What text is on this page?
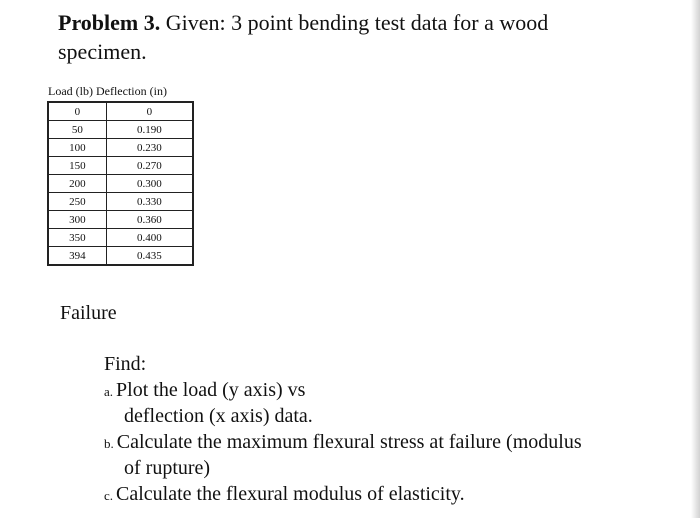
Problem 3. Given: 3 point bending test data for a wood specimen.
Load (lb) Deflection (in)
0	0
50	0.190
100	0.230
150	0.270
200	0.300
250	0.330
300	0.360
350	0.400
394	0.435
Failure
Find:
a. Plot the load (y axis) vs
deflection (x axis) data.
b. Calculate the maximum flexural stress at failure (modulus
of rupture)
c. Calculate the flexural modulus of elasticity.
